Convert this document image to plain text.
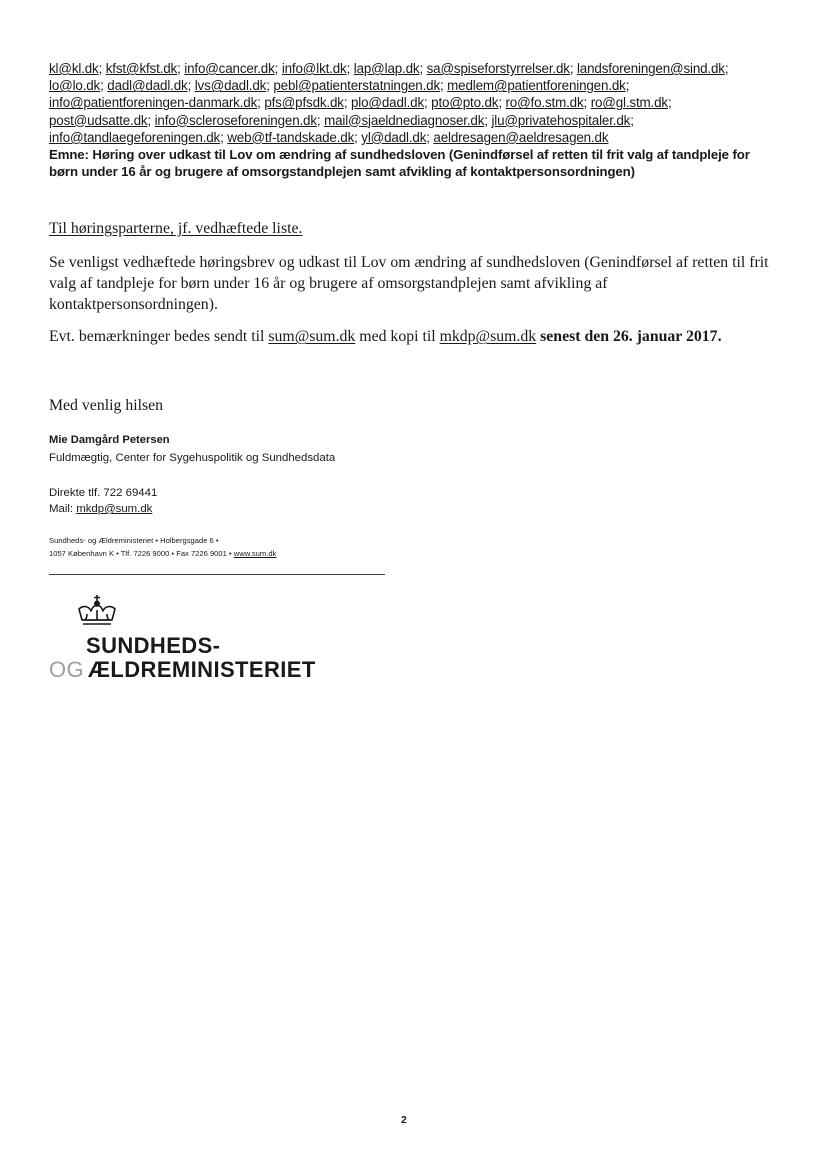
kl@kl.dk; kfst@kfst.dk; info@cancer.dk; info@lkt.dk; lap@lap.dk; sa@spiseforstyrrelser.dk; landsforeningen@sind.dk;
lo@lo.dk; dadl@dadl.dk; lvs@dadl.dk; pebl@patienterstatningen.dk; medlem@patientforeningen.dk;
info@patientforeningen-danmark.dk; pfs@pfsdk.dk; plo@dadl.dk; pto@pto.dk; ro@fo.stm.dk; ro@gl.stm.dk;
post@udsatte.dk; info@scleroseforeningen.dk; mail@sjaeldnediagnoser.dk; jlu@privatehospitaler.dk;
info@tandlaegeforeningen.dk; web@tf-tandskade.dk; yl@dadl.dk; aeldresagen@aeldresagen.dk
Emne: Høring over udkast til Lov om ændring af sundhedsloven (Genindførsel af retten til frit valg af tandpleje for
børn under 16 år og brugere af omsorgstandplejen samt afvikling af kontaktpersonsordningen)
Til høringsparterne, jf. vedhæftede liste.
Se venligst vedhæftede høringsbrev og udkast til Lov om ændring af sundhedsloven (Genindførsel af retten til frit valg af tandpleje for børn under 16 år og brugere af omsorgstandplejen samt afvikling af kontaktpersonsordningen).
Evt. bemærkninger bedes sendt til sum@sum.dk med kopi til mkdp@sum.dk senest den 26. januar 2017.
Med venlig hilsen
Mie Damgård Petersen
Fuldmægtig, Center for Sygehuspolitik og Sundhedsdata
Direkte tlf. 722 69441
Mail: mkdp@sum.dk
Sundheds- og Ældreministeriet • Holbergsgade 6 •
1057 København K • Tlf. 7226 9000 • Fax 7226 9001 • www.sum.dk
SUNDHEDS-
OG ÆLDREMINISTERIET
2
